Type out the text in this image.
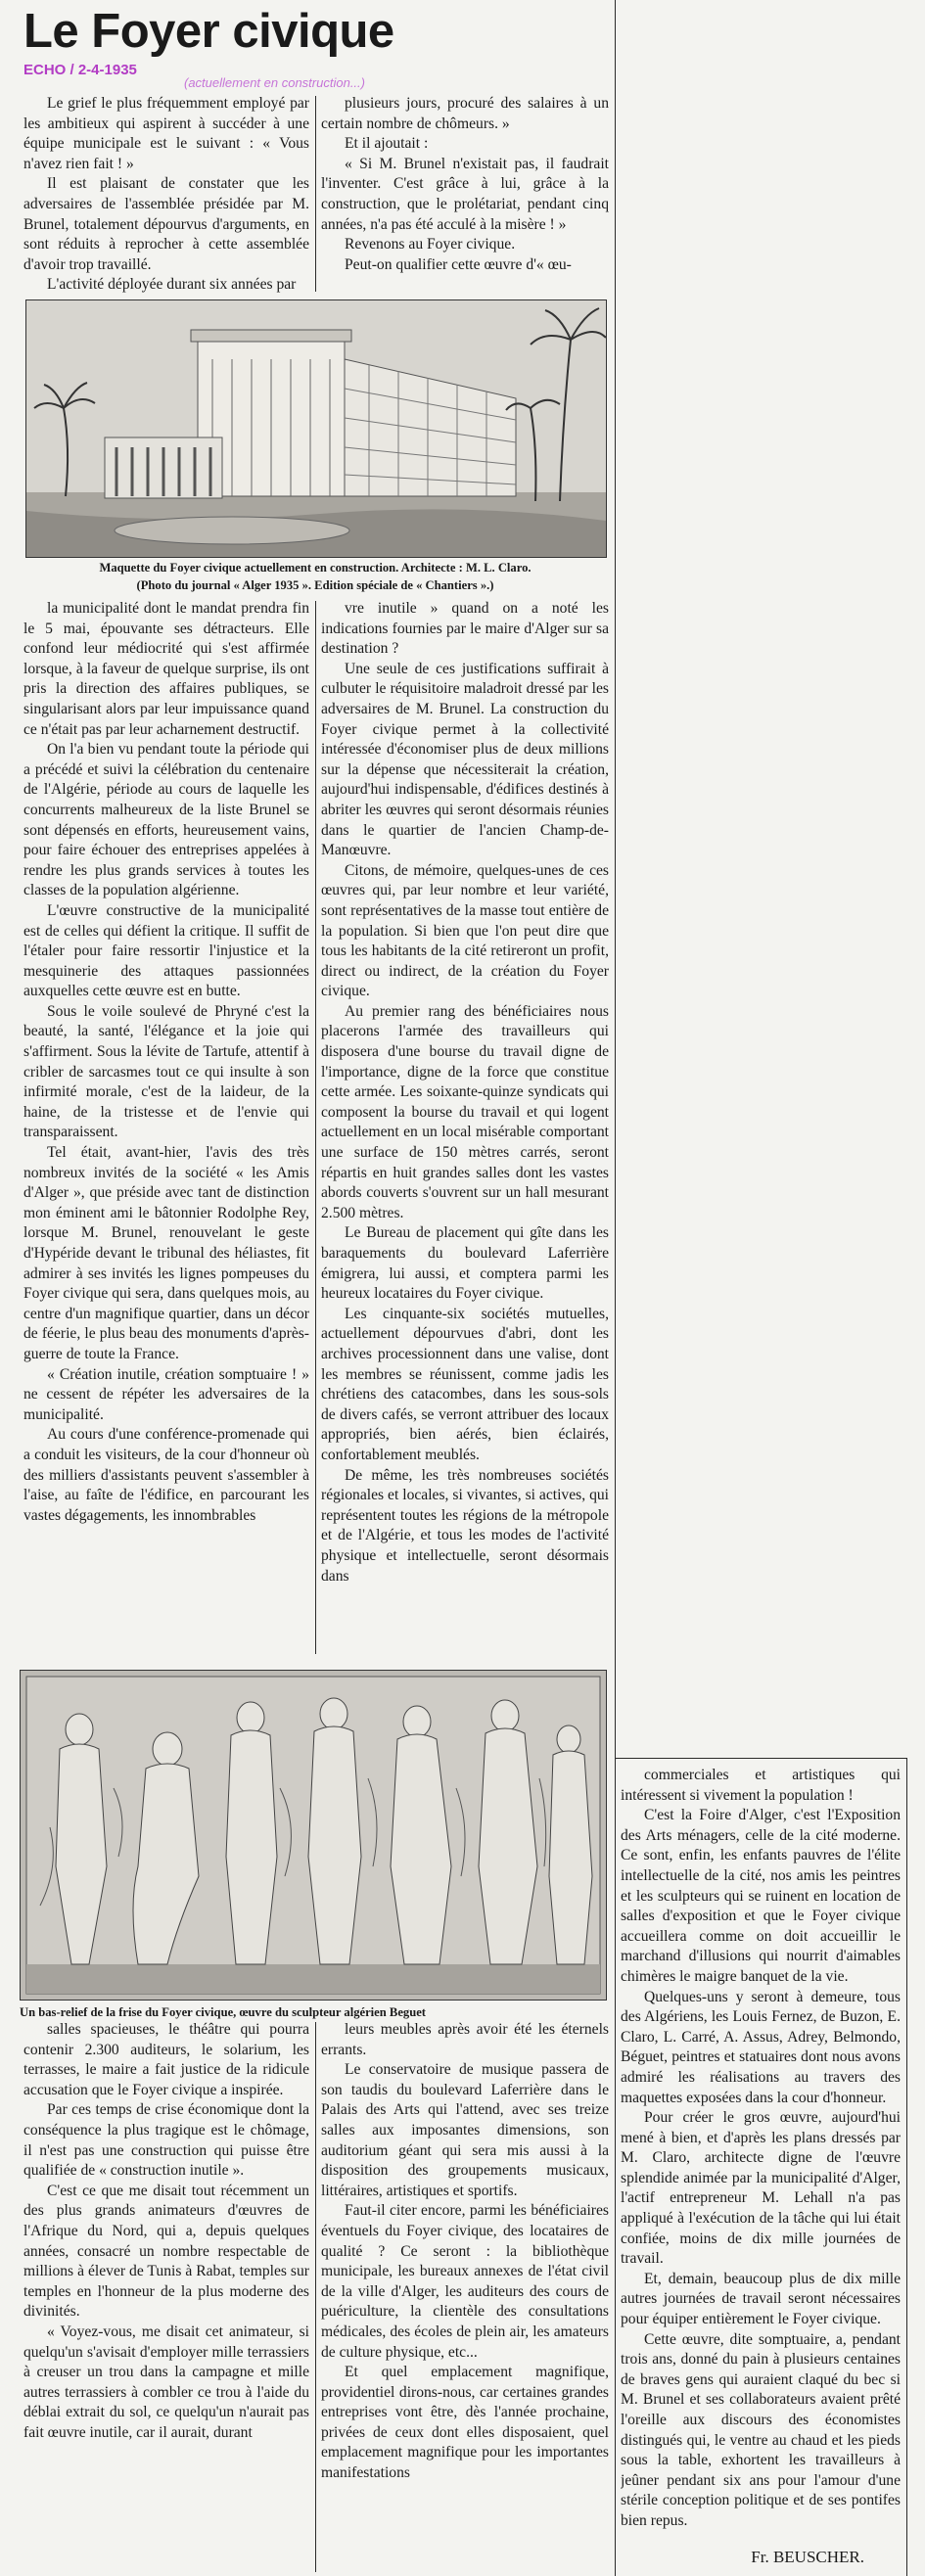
Le Foyer civique
ECHO / 2-4-1935
(actuellement en construction...)

Le grief le plus fréquemment employé par les ambitieux qui aspirent à succéder à une équipe municipale est le suivant : « Vous n'avez rien fait ! »

Il est plaisant de constater que les adversaires de l'assemblée présidée par M. Brunel, totalement dépourvus d'arguments, en sont réduits à reprocher à cette assemblée d'avoir trop travaillé.

L'activité déployée durant six années par

plusieurs jours, procuré des salaires à un certain nombre de chômeurs. »

Et il ajoutait :

« Si M. Brunel n'existait pas, il faudrait l'inventer. C'est grâce à lui, grâce à la construction, que le prolétariat, pendant cinq années, n'a pas été acculé à la misère ! »

Revenons au Foyer civique.

Peut-on qualifier cette œuvre d'« œu-

Maquette du Foyer civique actuellement en construction. Architecte : M. L. Claro.
(Photo du journal « Alger 1935 ». Edition spéciale de « Chantiers ».)

la municipalité dont le mandat prendra fin le 5 mai, épouvante ses détracteurs. Elle confond leur médiocrité qui s'est affirmée lorsque, à la faveur de quelque surprise, ils ont pris la direction des affaires publiques, se singularisant alors par leur impuissance quand ce n'était pas par leur acharnement destructif.

On l'a bien vu pendant toute la période qui a précédé et suivi la célébration du centenaire de l'Algérie, période au cours de laquelle les concurrents malheureux de la liste Brunel se sont dépensés en efforts, heureusement vains, pour faire échouer des entreprises appelées à rendre les plus grands services à toutes les classes de la population algérienne.

L'œuvre constructive de la municipalité est de celles qui défient la critique. Il suffit de l'étaler pour faire ressortir l'injustice et la mesquinerie des attaques passionnées auxquelles cette œuvre est en butte.

Sous le voile soulevé de Phryné c'est la beauté, la santé, l'élégance et la joie qui s'affirment. Sous la lévite de Tartufe, attentif à cribler de sarcasmes tout ce qui insulte à son infirmité morale, c'est de la laideur, de la haine, de la tristesse et de l'envie qui transparaissent.

Tel était, avant-hier, l'avis des très nombreux invités de la société « les Amis d'Alger », que préside avec tant de distinction mon éminent ami le bâtonnier Rodolphe Rey, lorsque M. Brunel, renouvelant le geste d'Hypéride devant le tribunal des héliastes, fit admirer à ses invités les lignes pompeuses du Foyer civique qui sera, dans quelques mois, au centre d'un magnifique quartier, dans un décor de féerie, le plus beau des monuments d'après-guerre de toute la France.

« Création inutile, création somptuaire ! » ne cessent de répéter les adversaires de la municipalité.

Au cours d'une conférence-promenade qui a conduit les visiteurs, de la cour d'honneur où des milliers d'assistants peuvent s'assembler à l'aise, au faîte de l'édifice, en parcourant les vastes dégagements, les innombrables

vre inutile » quand on a noté les indications fournies par le maire d'Alger sur sa destination ?

Une seule de ces justifications suffirait à culbuter le réquisitoire maladroit dressé par les adversaires de M. Brunel. La construction du Foyer civique permet à la collectivité intéressée d'économiser plus de deux millions sur la dépense que nécessiterait la création, aujourd'hui indispensable, d'édifices destinés à abriter les œuvres qui seront désormais réunies dans le quartier de l'ancien Champ-de-Manœuvre.

Citons, de mémoire, quelques-unes de ces œuvres qui, par leur nombre et leur variété, sont représentatives de la masse tout entière de la population. Si bien que l'on peut dire que tous les habitants de la cité retireront un profit, direct ou indirect, de la création du Foyer civique.

Au premier rang des bénéficiaires nous placerons l'armée des travailleurs qui disposera d'une bourse du travail digne de l'importance, digne de la force que constitue cette armée. Les soixante-quinze syndicats qui composent la bourse du travail et qui logent actuellement en un local misérable comportant une surface de 150 mètres carrés, seront répartis en huit grandes salles dont les vastes abords couverts s'ouvrent sur un hall mesurant 2.500 mètres.

Le Bureau de placement qui gîte dans les baraquements du boulevard Laferrière émigrera, lui aussi, et comptera parmi les heureux locataires du Foyer civique.

Les cinquante-six sociétés mutuelles, actuellement dépourvues d'abri, dont les archives processionnent dans une valise, dont les membres se réunissent, comme jadis les chrétiens des catacombes, dans les sous-sols de divers cafés, se verront attribuer des locaux appropriés, bien aérés, bien éclairés, confortablement meublés.

De même, les très nombreuses sociétés régionales et locales, si vivantes, si actives, qui représentent toutes les régions de la métropole et de l'Algérie, et tous les modes de l'activité physique et intellectuelle, seront désormais dans

Un bas-relief de la frise du Foyer civique, œuvre du sculpteur algérien Beguet

salles spacieuses, le théâtre qui pourra contenir 2.300 auditeurs, le solarium, les terrasses, le maire a fait justice de la ridicule accusation que le Foyer civique a inspirée.

Par ces temps de crise économique dont la conséquence la plus tragique est le chômage, il n'est pas une construction qui puisse être qualifiée de « construction inutile ».

C'est ce que me disait tout récemment un des plus grands animateurs d'œuvres de l'Afrique du Nord, qui a, depuis quelques années, consacré un nombre respectable de millions à élever de Tunis à Rabat, temples sur temples en l'honneur de la plus moderne des divinités.

« Voyez-vous, me disait cet animateur, si quelqu'un s'avisait d'employer mille terrassiers à creuser un trou dans la campagne et mille autres terrassiers à combler ce trou à l'aide du déblai extrait du sol, ce quelqu'un n'aurait pas fait œuvre inutile, car il aurait, durant

leurs meubles après avoir été les éternels errants.

Le conservatoire de musique passera de son taudis du boulevard Laferrière dans le Palais des Arts qui l'attend, avec ses treize salles aux imposantes dimensions, son auditorium géant qui sera mis aussi à la disposition des groupements musicaux, littéraires, artistiques et sportifs.

Faut-il citer encore, parmi les bénéficiaires éventuels du Foyer civique, des locataires de qualité ? Ce seront : la bibliothèque municipale, les bureaux annexes de l'état civil de la ville d'Alger, les auditeurs des cours de puériculture, la clientèle des consultations médicales, des écoles de plein air, les amateurs de culture physique, etc...

Et quel emplacement magnifique, providentiel dirons-nous, car certaines grandes entreprises vont être, dès l'année prochaine, privées de ceux dont elles disposaient, quel emplacement magnifique pour les importantes manifestations

commerciales et artistiques qui intéressent si vivement la population !

C'est la Foire d'Alger, c'est l'Exposition des Arts ménagers, celle de la cité moderne. Ce sont, enfin, les enfants pauvres de l'élite intellectuelle de la cité, nos amis les peintres et les sculpteurs qui se ruinent en location de salles d'exposition et que le Foyer civique accueillera comme on doit accueillir le marchand d'illusions qui nourrit d'aimables chimères le maigre banquet de la vie.

Quelques-uns y seront à demeure, tous des Algériens, les Louis Fernez, de Buzon, E. Claro, L. Carré, A. Assus, Adrey, Belmondo, Béguet, peintres et statuaires dont nous avons admiré les réalisations au travers des maquettes exposées dans la cour d'honneur.

Pour créer le gros œuvre, aujourd'hui mené à bien, et d'après les plans dressés par M. Claro, architecte digne de l'œuvre splendide animée par la municipalité d'Alger, l'actif entrepreneur M. Lehall n'a pas appliqué à l'exécution de la tâche qui lui était confiée, moins de dix mille journées de travail.

Et, demain, beaucoup plus de dix mille autres journées de travail seront nécessaires pour équiper entièrement le Foyer civique.

Cette œuvre, dite somptuaire, a, pendant trois ans, donné du pain à plusieurs centaines de braves gens qui auraient claqué du bec si M. Brunel et ses collaborateurs avaient prêté l'oreille aux discours des économistes distingués qui, le ventre au chaud et les pieds sous la table, exhortent les travailleurs à jeûner pendant six ans pour l'amour d'une stérile conception politique et de ses pontifes bien repus.

Fr. BEUSCHER.
